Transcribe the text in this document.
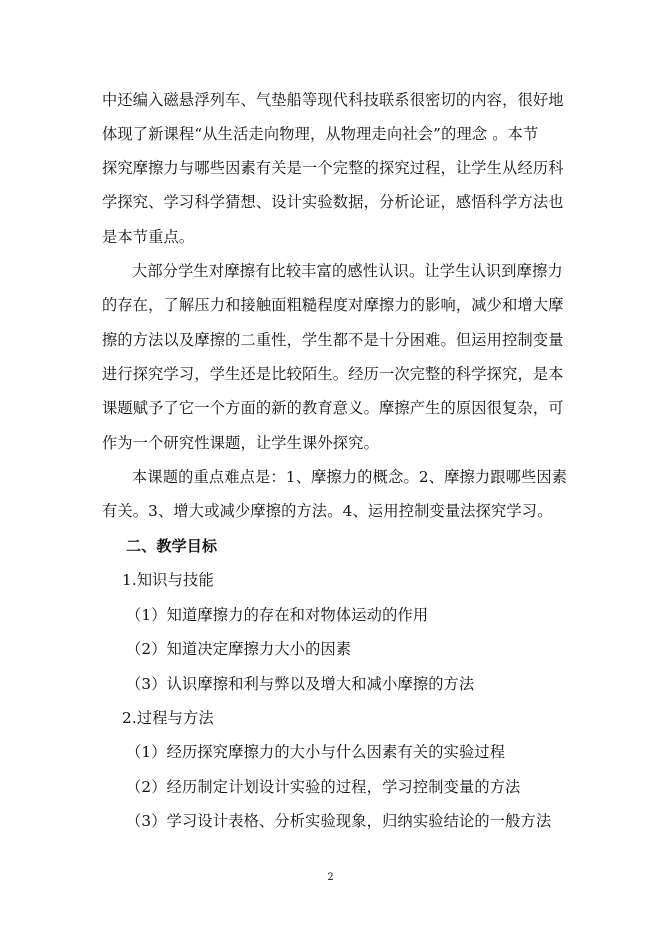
中还编入磁悬浮列车、气垫船等现代科技联系很密切的内容，很好地
体现了新课程“从生活走向物理，从物理走向社会”的理念 。本节
探究摩擦力与哪些因素有关是一个完整的探究过程，让学生从经历科
学探究、学习科学猜想、设计实验数据，分析论证，感悟科学方法也
是本节重点。
大部分学生对摩擦有比较丰富的感性认识。让学生认识到摩擦力
的存在，了解压力和接触面粗糙程度对摩擦力的影响，减少和增大摩
擦的方法以及摩擦的二重性，学生都不是十分困难。但运用控制变量
进行探究学习，学生还是比较陌生。经历一次完整的科学探究，是本
课题赋予了它一个方面的新的教育意义。摩擦产生的原因很复杂，可
作为一个研究性课题，让学生课外探究。
本课题的重点难点是：1、摩擦力的概念。2、摩擦力跟哪些因素
有关。3、增大或减少摩擦的方法。4、运用控制变量法探究学习。
二、教学目标
1.知识与技能
（1）知道摩擦力的存在和对物体运动的作用
（2）知道决定摩擦力大小的因素
（3）认识摩擦和利与弊以及增大和减小摩擦的方法
2.过程与方法
（1）经历探究摩擦力的大小与什么因素有关的实验过程
（2）经历制定计划设计实验的过程，学习控制变量的方法
（3）学习设计表格、分析实验现象，归纳实验结论的一般方法
2
